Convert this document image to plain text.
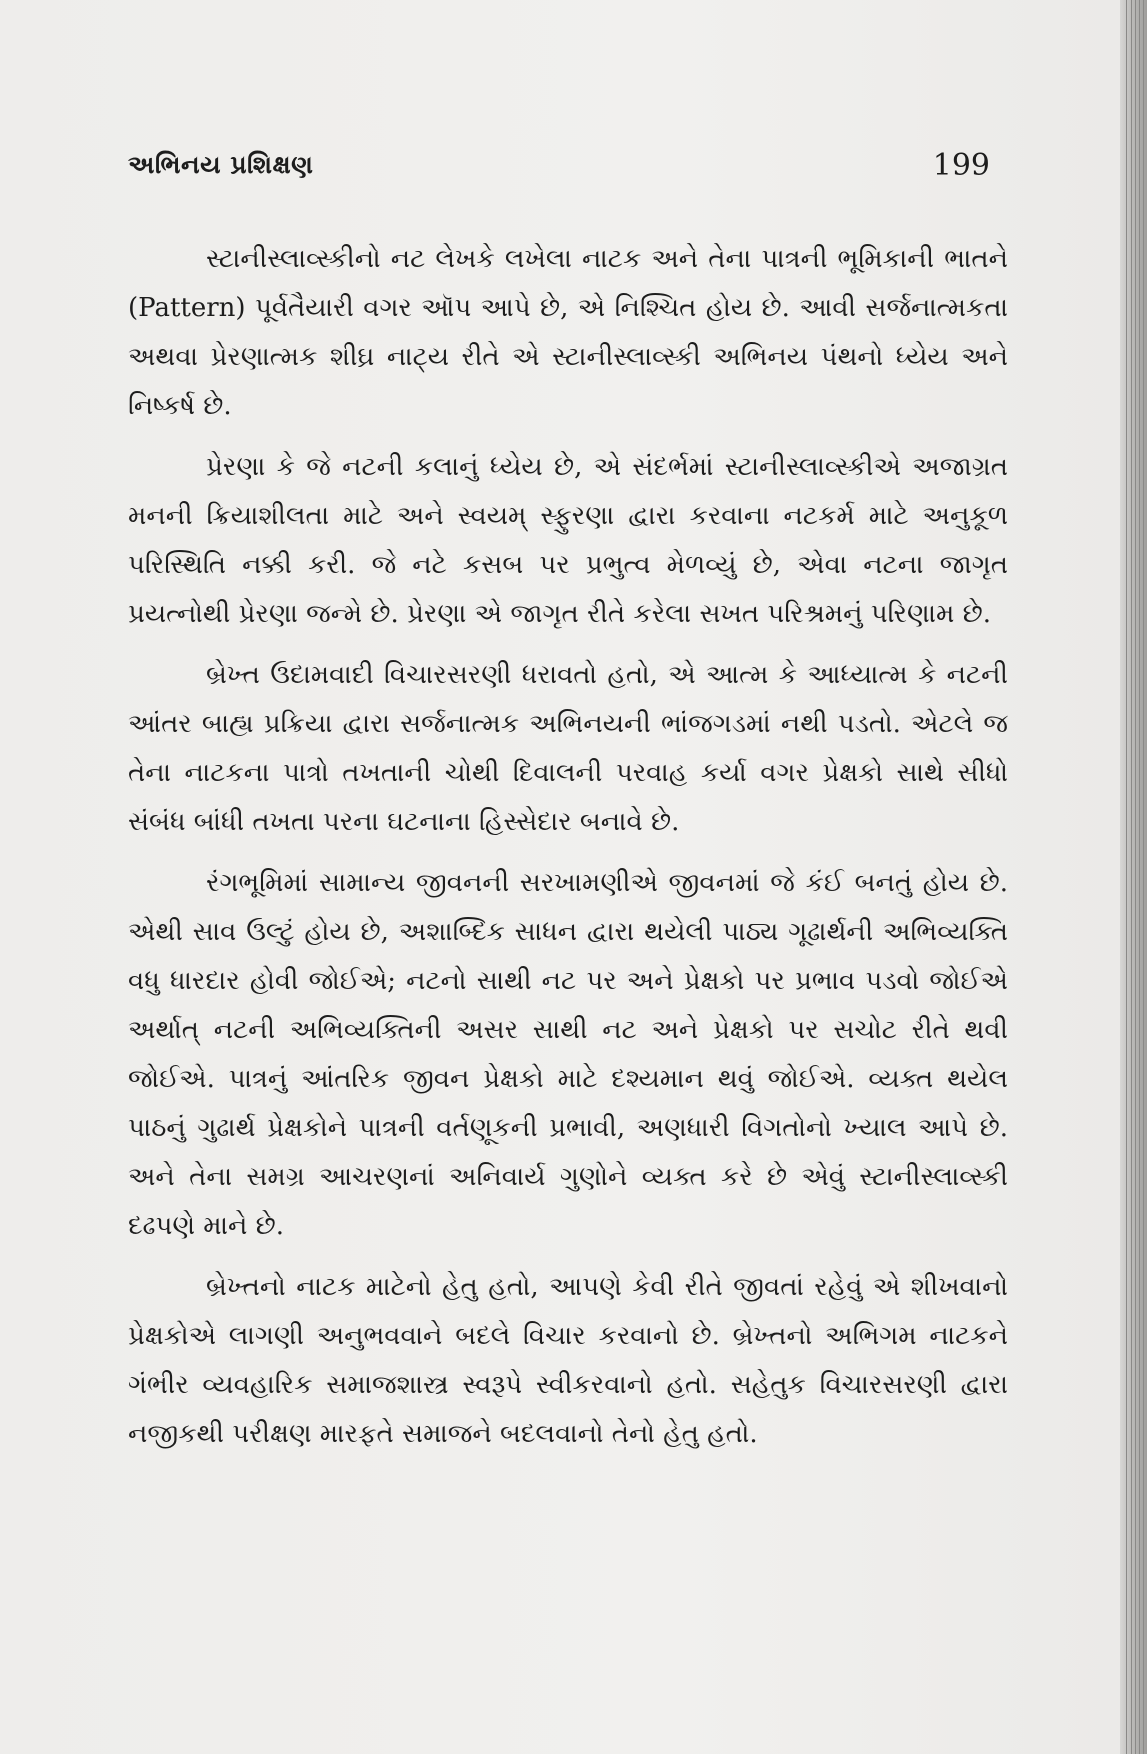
અભિનય પ્રશિક્ષણ	199

સ્ટાનીસ્લાવ્સ્કીનો નટ લેખકે લખેલા નાટક અને તેના પાત્રની ભૂમિકાની ભાતને (Pattern) પૂર્વતૈયારી વગર ઑપ આપે છે, એ નિશ્ચિત હોય છે. આવી સર્જનાત્મકતા અથવા પ્રેરણાત્મક શીઘ્ર નાટ્ય રીતે એ સ્ટાનીસ્લાવ્સ્કી અભિનય પંથનો ધ્યેય અને નિષ્કર્ષ છે.

પ્રેરણા કે જે નટની કલાનું ધ્યેય છે, એ સંદર્ભમાં સ્ટાનીસ્લાવ્સ્કીએ અજાગ્રત મનની ક્રિયાશીલતા માટે અને સ્વયમ્ સ્ફુરણા દ્વારા કરવાના નટકર્મ માટે અનુકૂળ પરિસ્થિતિ નક્કી કરી. જે નટે કસબ પર પ્રભુત્વ મેળવ્યું છે, એવા નટના જાગૃત પ્રયત્નોથી પ્રેરણા જન્મે છે. પ્રેરણા એ જાગૃત રીતે કરેલા સખત પરિશ્રમનું પરિણામ છે.

બ્રેખ્ત ઉદામવાદી વિચારસરણી ધરાવતો હતો, એ આત્મ કે આધ્યાત્મ કે નટની આંતર બાહ્ય પ્રક્રિયા દ્વારા સર્જનાત્મક અભિનયની ભાંજગડમાં નથી પડતો. એટલે જ તેના નાટકના પાત્રો તખતાની ચોથી દિવાલની પરવાહ કર્યા વગર પ્રેક્ષકો સાથે સીધો સંબંધ બાંધી તખતા પરના ઘટનાના હિસ્સેદાર બનાવે છે.

રંગભૂમિમાં સામાન્ય જીવનની સરખામણીએ જીવનમાં જે કંઈ બનતું હોય છે. એથી સાવ ઉલ્ટું હોય છે, અશાબ્દિક સાધન દ્વારા થયેલી પાઠ્ય ગૂઢાર્થની અભિવ્યક્તિ વધુ ધારદાર હોવી જોઈએ; નટનો સાથી નટ પર અને પ્રેક્ષકો પર પ્રભાવ પડવો જોઈએ અર્થાત્ નટની અભિવ્યક્તિની અસર સાથી નટ અને પ્રેક્ષકો પર સચોટ રીતે થવી જોઈએ. પાત્રનું આંતરિક જીવન પ્રેક્ષકો માટે દશ્યમાન થવું જોઈએ. વ્યક્ત થયેલ પાઠનું ગુઢાર્થ પ્રેક્ષકોને પાત્રની વર્તણૂકની પ્રભાવી, અણધારી વિગતોનો ખ્યાલ આપે છે. અને તેના સમગ્ર આચરણનાં અનિવાર્ય ગુણોને વ્યક્ત કરે છે એવું સ્ટાનીસ્લાવ્સ્કી દઢપણે માને છે.

બ્રેખ્તનો નાટક માટેનો હેતુ હતો, આપણે કેવી રીતે જીવતાં રહેવું એ શીખવાનો પ્રેક્ષકોએ લાગણી અનુભવવાને બદલે વિચાર કરવાનો છે. બ્રેખ્તનો અભિગમ નાટકને ગંભીર વ્યવહારિક સમાજશાસ્ત્ર સ્વરૂપે સ્વીકરવાનો હતો. સહેતુક વિચારસરણી દ્વારા નજીકથી પરીક્ષણ મારફતે સમાજને બદલવાનો તેનો હેતુ હતો.
